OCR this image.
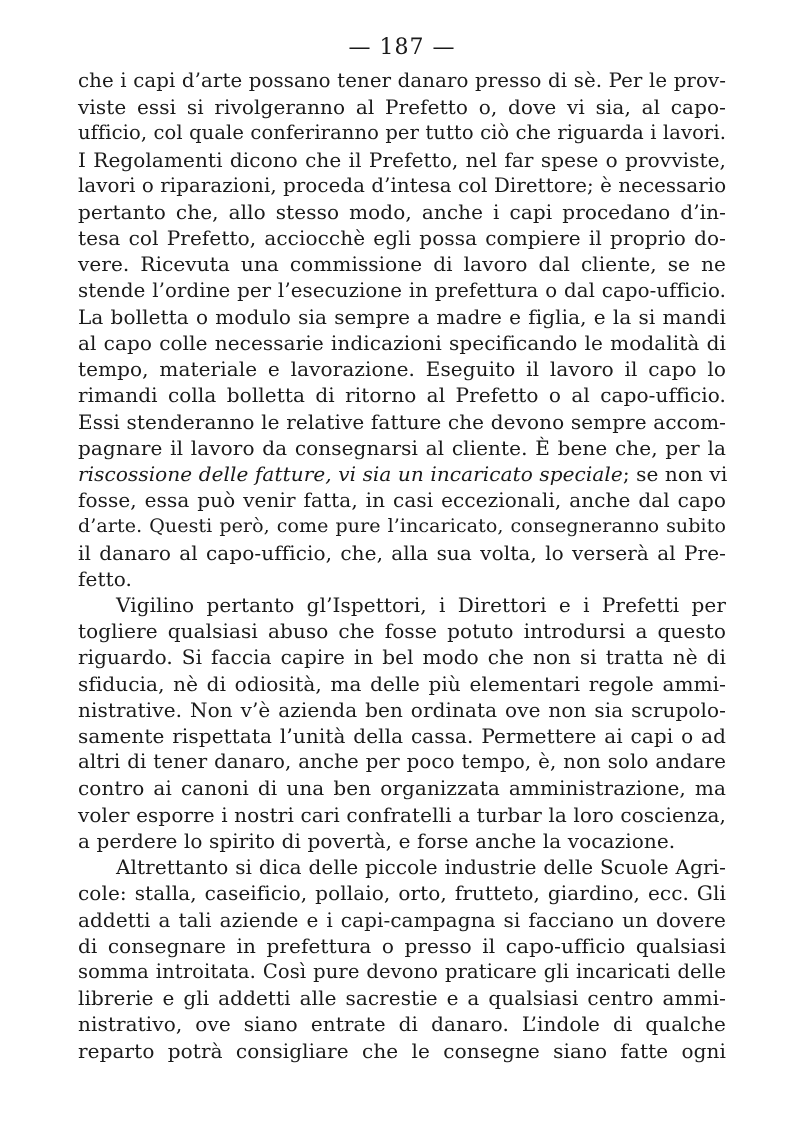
— 187 —
che i capi d’arte possano tener danaro presso di sè. Per le prov-
viste essi si rivolgeranno al Prefetto o, dove vi sia, al capo-
ufficio, col quale conferiranno per tutto ciò che riguarda i lavori.
I Regolamenti dicono che il Prefetto, nel far spese o provviste,
lavori o riparazioni, proceda d’intesa col Direttore; è necessario
pertanto che, allo stesso modo, anche i capi procedano d’in-
tesa col Prefetto, acciocchè egli possa compiere il proprio do-
vere. Ricevuta una commissione di lavoro dal cliente, se ne
stende l’ordine per l’esecuzione in prefettura o dal capo-ufficio.
La bolletta o modulo sia sempre a madre e figlia, e la si mandi
al capo colle necessarie indicazioni specificando le modalità di
tempo, materiale e lavorazione. Eseguito il lavoro il capo lo
rimandi colla bolletta di ritorno al Prefetto o al capo-ufficio.
Essi stenderanno le relative fatture che devono sempre accom-
pagnare il lavoro da consegnarsi al cliente. È bene che, per la
riscossione delle fatture, vi sia un incaricato speciale; se non vi
fosse, essa può venir fatta, in casi eccezionali, anche dal capo
d’arte. Questi però, come pure l’incaricato, consegneranno subito
il danaro al capo-ufficio, che, alla sua volta, lo verserà al Pre-
fetto.
Vigilino pertanto gl’Ispettori, i Direttori e i Prefetti per
togliere qualsiasi abuso che fosse potuto introdursi a questo
riguardo. Si faccia capire in bel modo che non si tratta nè di
sfiducia, nè di odiosità, ma delle più elementari regole ammi-
nistrative. Non v’è azienda ben ordinata ove non sia scrupolo-
samente rispettata l’unità della cassa. Permettere ai capi o ad
altri di tener danaro, anche per poco tempo, è, non solo andare
contro ai canoni di una ben organizzata amministrazione, ma
voler esporre i nostri cari confratelli a turbar la loro coscienza,
a perdere lo spirito di povertà, e forse anche la vocazione.
Altrettanto si dica delle piccole industrie delle Scuole Agri-
cole: stalla, caseificio, pollaio, orto, frutteto, giardino, ecc. Gli
addetti a tali aziende e i capi-campagna si facciano un dovere
di consegnare in prefettura o presso il capo-ufficio qualsiasi
somma introitata. Così pure devono praticare gli incaricati delle
librerie e gli addetti alle sacrestie e a qualsiasi centro ammi-
nistrativo, ove siano entrate di danaro. L’indole di qualche
reparto potrà consigliare che le consegne siano fatte ogni
